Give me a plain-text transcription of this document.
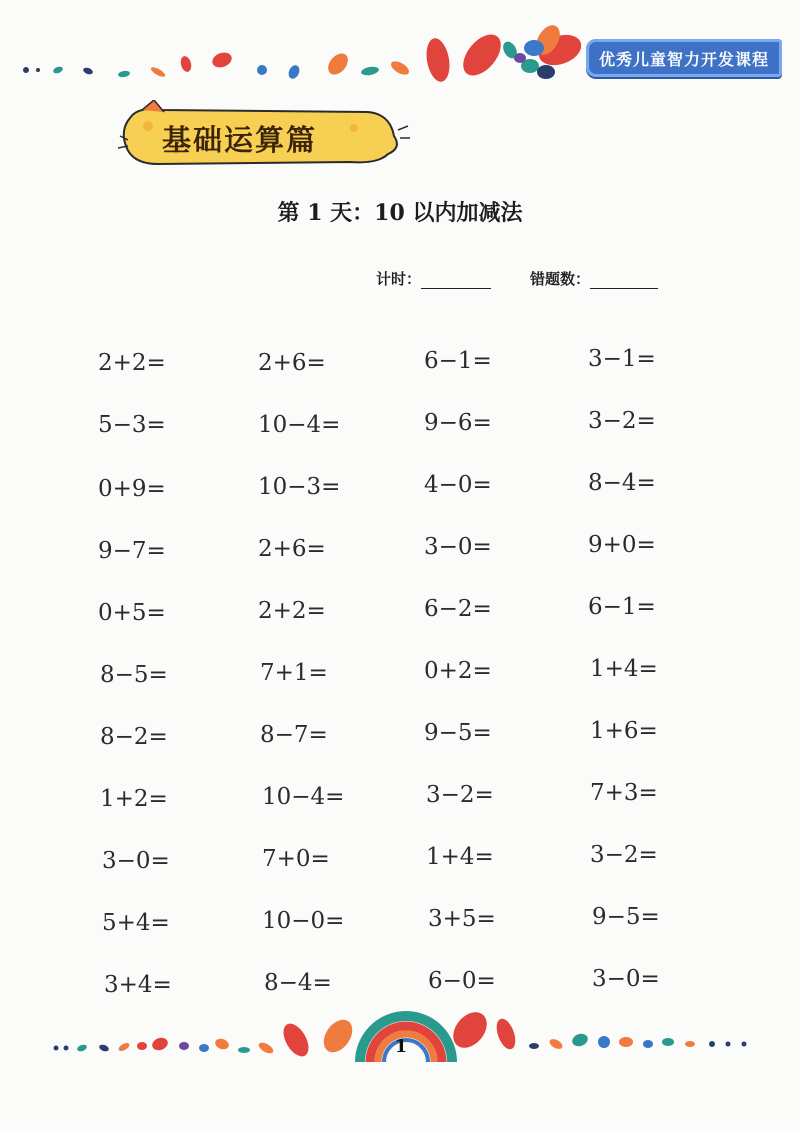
优秀儿童智力开发课程
基础运算篇
第 1 天：10 以内加减法
计时：	错题数：
2+2=	2+6=	6−1=	3−1=
5−3=	10−4=	9−6=	3−2=
0+9=	10−3=	4−0=	8−4=
9−7=	2+6=	3−0=	9+0=
0+5=	2+2=	6−2=	6−1=
8−5=	7+1=	0+2=	1+4=
8−2=	8−7=	9−5=	1+6=
1+2=	10−4=	3−2=	7+3=
3−0=	7+0=	1+4=	3−2=
5+4=	10−0=	3+5=	9−5=
3+4=	8−4=	6−0=	3−0=
1
